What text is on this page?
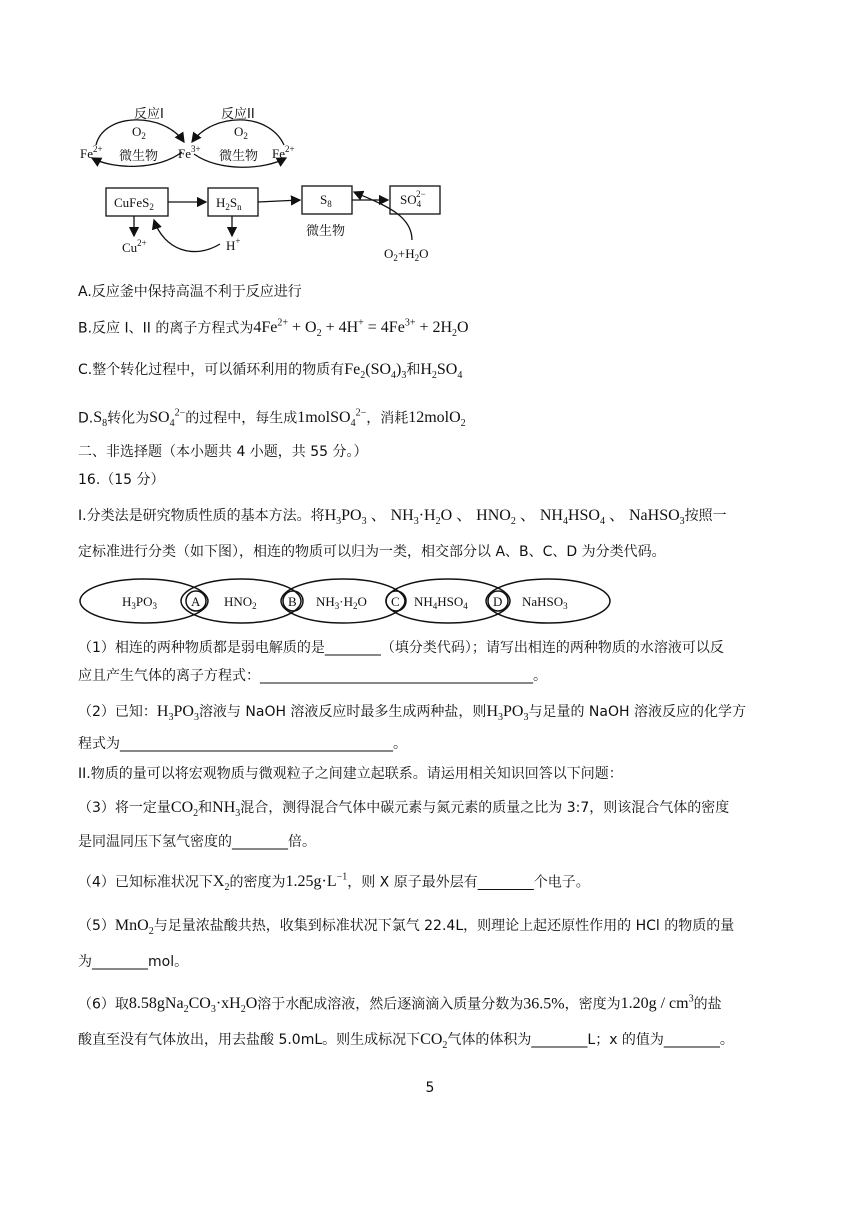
反应I	反应II
$O_2$	$O_2$
$Fe^{2+}$	$Fe^{3+}$	$Fe^{2+}$
微生物	微生物
微生物
CuFeS$_2$	$H_2S_n$	$S_8$	$SO_42-$
$Cu^{2+}$	H+
$O_2+H_2O$
A.反应釜中保持高温不利于反应进行
B.反应 I、II 的离子方程式为$4Fe^{2+} + O_2 + 4H^+ = 4Fe^{3+} + 2H_2O$
C.整个转化过程中，可以循环利用的物质有$Fe_2(SO_4)_3$和$H_2SO_4$
$D.S_8$转化为$SO_4^{2-}$的过程中，每生成1molSO$_4^{2-}$，消耗12molO$_2$
二、非选择题（本小题共 4 小题，共 55 分。）
16.（15 分）
I.分类法是研究物质性质的基本方法。将$H_3PO_3$ 、 $NH_3\cdot H_2O$ 、 $HNO_2$ 、 $NH_4HSO_4$ 、 NaHSO$_3$按照一
定标准进行分类（如下图），相连的物质可以归为一类，相交部分以 A、B、C、D 为分类代码。
$H_3PO_3$	$HNO_2$	$NH_3\cdot H_2O$	$NH_4HSO_4$	NaHSO$_3$
A	B	C	D
（1）相连的两种物质都是弱电解质的是________（填分类代码）；请写出相连的两种物质的水溶液可以反
应且产生气体的离子方程式：_______________________________________。
（2）已知：$H_3PO_3$溶液与 NaOH 溶液反应时最多生成两种盐，则$H_3PO_3$与足量的 NaOH 溶液反应的化学方
程式为_______________________________________。
II.物质的量可以将宏观物质与微观粒子之间建立起联系。请运用相关知识回答以下问题：
（3）将一定量$CO_2$和$NH_3$混合，测得混合气体中碳元素与氮元素的质量之比为 3:7，则该混合气体的密度
是同温同压下氢气密度的________倍。
（4）已知标准状况下$X_2$的密度为$1.25g\cdot L^{-1}$，则 X 原子最外层有________个电子。
（5）MnO$_2$与足量浓盐酸共热，收集到标准状况下氯气 22.4L，则理论上起还原性作用的 HCl 的物质的量
为________mol。
（6）取$8.58gNa_2CO_3\cdot xH_2O$溶于水配成溶液，然后逐滴滴入质量分数为36.5%，密度为$1.20g / cm^3$的盐
酸直至没有气体放出，用去盐酸 5.0mL。则生成标况下$CO_2$气体的体积为________L；x 的值为________。
5
